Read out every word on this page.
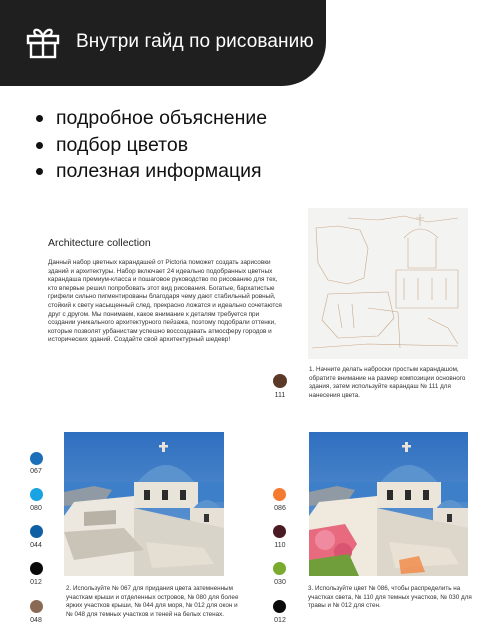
Внутри гайд по рисованию
подробное объяснение
подбор цветов
полезная информация
Architecture collection
Данный набор цветных карандашей от Pictoria поможет создать зарисовки зданий и архитектуры. Набор включает 24 идеально подобранных цветных карандаша премиум-класса и пошаговое руководство по рисованию для тех, кто впервые решил попробовать этот вид рисования. Богатые, бархатистые грифели сильно пигментированы благодаря чему дают стабильный ровный, стойкий к свету насыщенный след, прекрасно ложатся и идеально сочетаются друг с другом. Мы понимаем, какое внимание к деталям требуется при создании уникального архитектурного пейзажа, поэтому подобрали оттенки, которые позволят урбанистам успешно воссоздавать атмосферу городов и исторических зданий. Создайте свой архитектурный шедевр!
111
1. Начните делать наброски простым карандашом, обратите внимание на размер композиции основного здания, затем используйте карандаш № 111 для нанесения цвета.
067
080
044
012
048
2. Используйте № 067 для придания цвета затемненным участкам крыши и отделенных островов, № 080 для более ярких участков крыши, № 044 для моря, № 012 для окон и № 048 для темных участков и теней на белых стенах.
086
110
030
012
3. Используйте цвет № 086, чтобы распределить на участках света, № 110 для темных участков, № 030 для травы и № 012 для стен.
